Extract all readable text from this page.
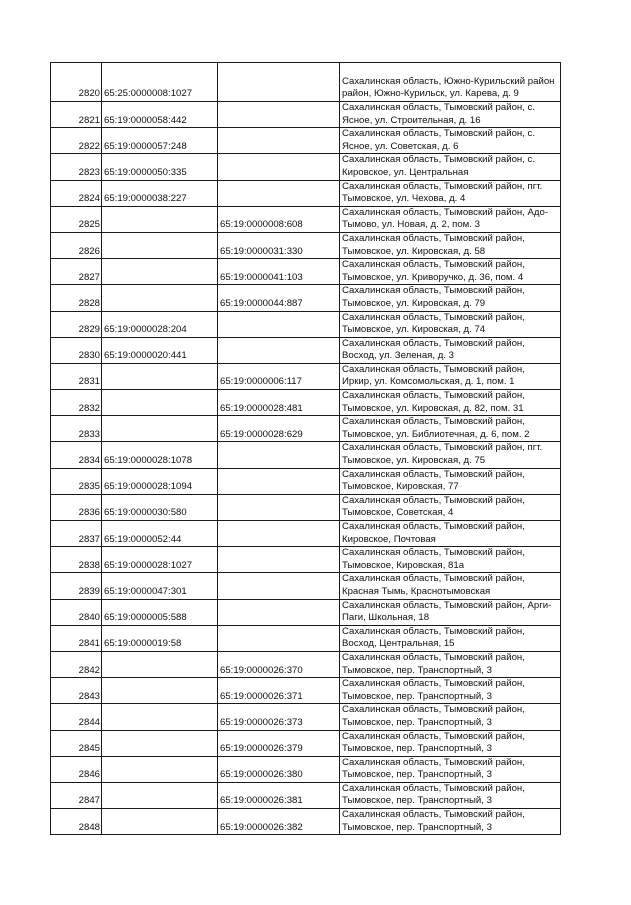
2820	65:25:0000008:1027		Сахалинская область, Южно-Курильский район
район, Южно-Курильск, ул. Карева, д. 9

2821	65:19:0000058:442		Сахалинская область, Тымовский район, с.
Ясное, ул. Строительная, д. 16

2822	65:19:0000057:248		Сахалинская область, Тымовский район, с.
Ясное, ул. Советская, д. 6

2823	65:19:0000050:335		Сахалинская область, Тымовский район, с.
Кировское, ул. Центральная

2824	65:19:0000038:227		Сахалинская область, Тымовский район, пгт.
Тымовское, ул. Чехова, д. 4

2825		65:19:0000008:608	Сахалинская область, Тымовский район, Адо-
Тымово, ул. Новая, д. 2, пом. 3

2826		65:19:0000031:330	Сахалинская область, Тымовский район,
Тымовское, ул. Кировская, д. 58

2827		65:19:0000041:103	Сахалинская область, Тымовский район,
Тымовское, ул. Криворучко, д. 36, пом. 4

2828		65:19:0000044:887	Сахалинская область, Тымовский район,
Тымовское, ул. Кировская, д. 79

2829	65:19:0000028:204		Сахалинская область, Тымовский район,
Тымовское, ул. Кировская, д. 74

2830	65:19:0000020:441		Сахалинская область, Тымовский район,
Восход, ул. Зеленая, д. 3

2831		65:19:0000006:117	Сахалинская область, Тымовский район,
Иркир, ул. Комсомольская, д. 1, пом. 1

2832		65:19:0000028:481	Сахалинская область, Тымовский район,
Тымовское, ул. Кировская, д. 82, пом. 31

2833		65:19:0000028:629	Сахалинская область, Тымовский район,
Тымовское, ул. Библиотечная, д. 6, пом. 2

2834	65:19:0000028:1078		Сахалинская область, Тымовский район, пгт.
Тымовское, ул. Кировская, д. 75

2835	65:19:0000028:1094		Сахалинская область, Тымовский район,
Тымовское, Кировская, 77

2836	65:19:0000030:580		Сахалинская область, Тымовский район,
Тымовское, Советская, 4

2837	65:19:0000052:44		Сахалинская область, Тымовский район,
Кировское, Почтовая

2838	65:19:0000028:1027		Сахалинская область, Тымовский район,
Тымовское, Кировская, 81а

2839	65:19:0000047:301		Сахалинская область, Тымовский район,
Красная Тымь, Краснотымовская

2840	65:19:0000005:588		Сахалинская область, Тымовский район, Арги-
Паги, Школьная, 18

2841	65:19:0000019:58		Сахалинская область, Тымовский район,
Восход, Центральная, 15

2842		65:19:0000026:370	Сахалинская область, Тымовский район,
Тымовское, пер. Транспортный, 3

2843		65:19:0000026:371	Сахалинская область, Тымовский район,
Тымовское, пер. Транспортный, 3

2844		65:19:0000026:373	Сахалинская область, Тымовский район,
Тымовское, пер. Транспортный, 3

2845		65:19:0000026:379	Сахалинская область, Тымовский район,
Тымовское, пер. Транспортный, 3

2846		65:19:0000026:380	Сахалинская область, Тымовский район,
Тымовское, пер. Транспортный, 3

2847		65:19:0000026:381	Сахалинская область, Тымовский район,
Тымовское, пер. Транспортный, 3

2848		65:19:0000026:382	Сахалинская область, Тымовский район,
Тымовское, пер. Транспортный, 3
